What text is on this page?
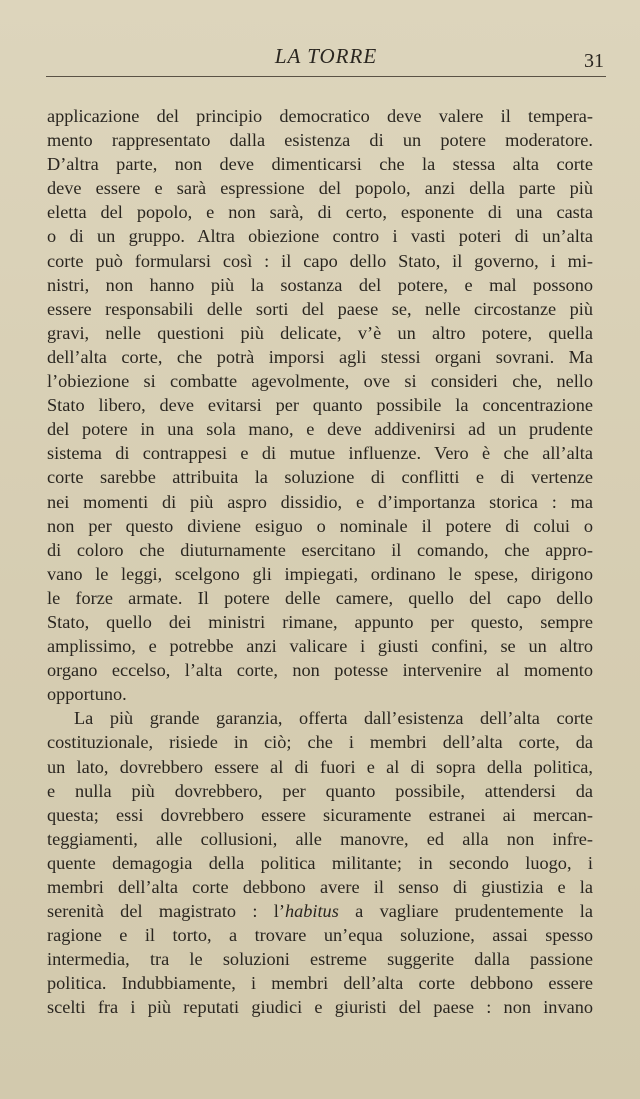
LA TORRE	31
applicazione del principio democratico deve valere il tempera-
mento rappresentato dalla esistenza di un potere moderatore.
D’altra parte, non deve dimenticarsi che la stessa alta corte
deve essere e sarà espressione del popolo, anzi della parte più
eletta del popolo, e non sarà, di certo, esponente di una casta
o di un gruppo. Altra obiezione contro i vasti poteri di un’alta
corte può formularsi così : il capo dello Stato, il governo, i mi-
nistri, non hanno più la sostanza del potere, e mal possono
essere responsabili delle sorti del paese se, nelle circostanze più
gravi, nelle questioni più delicate, v’è un altro potere, quella
dell’alta corte, che potrà imporsi agli stessi organi sovrani. Ma
l’obiezione si combatte agevolmente, ove si consideri che, nello
Stato libero, deve evitarsi per quanto possibile la concentrazione
del potere in una sola mano, e deve addivenirsi ad un prudente
sistema di contrappesi e di mutue influenze. Vero è che all’alta
corte sarebbe attribuita la soluzione di conflitti e di vertenze
nei momenti di più aspro dissidio, e d’importanza storica : ma
non per questo diviene esiguo o nominale il potere di colui o
di coloro che diuturnamente esercitano il comando, che appro-
vano le leggi, scelgono gli impiegati, ordinano le spese, dirigono
le forze armate. Il potere delle camere, quello del capo dello
Stato, quello dei ministri rimane, appunto per questo, sempre
amplissimo, e potrebbe anzi valicare i giusti confini, se un altro
organo eccelso, l’alta corte, non potesse intervenire al momento
opportuno.
La più grande garanzia, offerta dall’esistenza dell’alta corte
costituzionale, risiede in ciò; che i membri dell’alta corte, da
un lato, dovrebbero essere al di fuori e al di sopra della politica,
e nulla più dovrebbero, per quanto possibile, attendersi da
questa; essi dovrebbero essere sicuramente estranei ai mercan-
teggiamenti, alle collusioni, alle manovre, ed alla non infre-
quente demagogia della politica militante; in secondo luogo, i
membri dell’alta corte debbono avere il senso di giustizia e la
serenità del magistrato : l’habitus a vagliare prudentemente la
ragione e il torto, a trovare un’equa soluzione, assai spesso
intermedia, tra le soluzioni estreme suggerite dalla passione
politica. Indubbiamente, i membri dell’alta corte debbono essere
scelti fra i più reputati giudici e giuristi del paese : non invano
